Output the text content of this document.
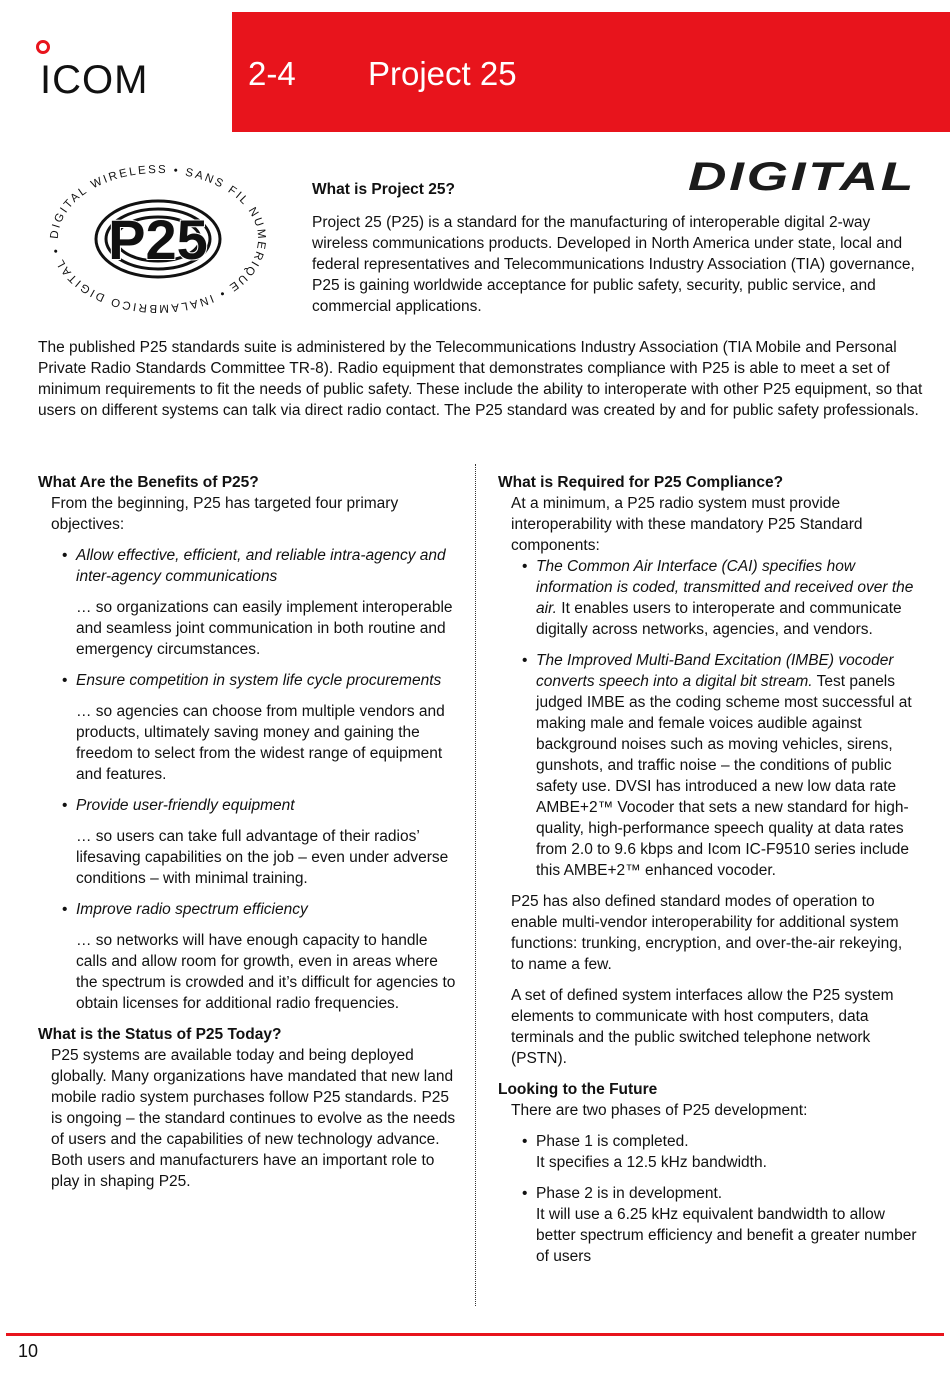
ICOM	2-4 Project 25
DIGITAL WIRELESS • SANS FIL NUMERIQUE • INALAMBRICO DIGITAL • P25
DIGITAL
What is Project 25?

Project 25 (P25) is a standard for the manufacturing of interoperable digital 2-way wireless communications products. Developed in North America under state, local and federal representatives and Telecommunications Industry Association (TIA) governance, P25 is gaining worldwide acceptance for public safety, security, public service, and commercial applications.

The published P25 standards suite is administered by the Telecommunications Industry Association (TIA Mobile and Personal Private Radio Standards Committee TR-8). Radio equipment that demonstrates compliance with P25 is able to meet a set of minimum requirements to fit the needs of public safety. These include the ability to interoperate with other P25 equipment, so that users on different systems can talk via direct radio contact. The P25 standard was created by and for public safety professionals.

What Are the Benefits of P25?

From the beginning, P25 has targeted four primary objectives:

• Allow effective, efficient, and reliable intra-agency and inter-agency communications

… so organizations can easily implement interoperable and seamless joint communication in both routine and emergency circumstances.

• Ensure competition in system life cycle procurements

… so agencies can choose from multiple vendors and products, ultimately saving money and gaining the freedom to select from the widest range of equipment and features.

• Provide user-friendly equipment

… so users can take full advantage of their radios’ lifesaving capabilities on the job – even under adverse conditions – with minimal training.

• Improve radio spectrum efficiency

… so networks will have enough capacity to handle calls and allow room for growth, even in areas where the spectrum is crowded and it’s difficult for agencies to obtain licenses for additional radio frequencies.

What is the Status of P25 Today?

P25 systems are available today and being deployed globally. Many organizations have mandated that new land mobile radio system purchases follow P25 standards. P25 is ongoing – the standard continues to evolve as the needs of users and the capabilities of new technology advance. Both users and manufacturers have an important role to play in shaping P25.

What is Required for P25 Compliance?

At a minimum, a P25 radio system must provide interoperability with these mandatory P25 Standard components:

• The Common Air Interface (CAI) specifies how information is coded, transmitted and received over the air. It enables users to interoperate and communicate digitally across networks, agencies, and vendors.
• The Improved Multi-Band Excitation (IMBE) vocoder converts speech into a digital bit stream. Test panels judged IMBE as the coding scheme most successful at making male and female voices audible against background noises such as moving vehicles, sirens, gunshots, and traffic noise – the conditions of public safety use. DVSI has introduced a new low data rate AMBE+2™ Vocoder that sets a new standard for high-quality, high-performance speech quality at data rates from 2.0 to 9.6 kbps and Icom IC-F9510 series include this AMBE+2™ enhanced vocoder.

P25 has also defined standard modes of operation to enable multi-vendor interoperability for additional system functions: trunking, encryption, and over-the-air rekeying, to name a few.

A set of defined system interfaces allow the P25 system elements to communicate with host computers, data terminals and the public switched telephone network (PSTN).

Looking to the Future

There are two phases of P25 development:

• Phase 1 is completed.
It specifies a 12.5 kHz bandwidth.
• Phase 2 is in development.
It will use a 6.25 kHz equivalent bandwidth to allow better spectrum efficiency and benefit a greater number of users
10
